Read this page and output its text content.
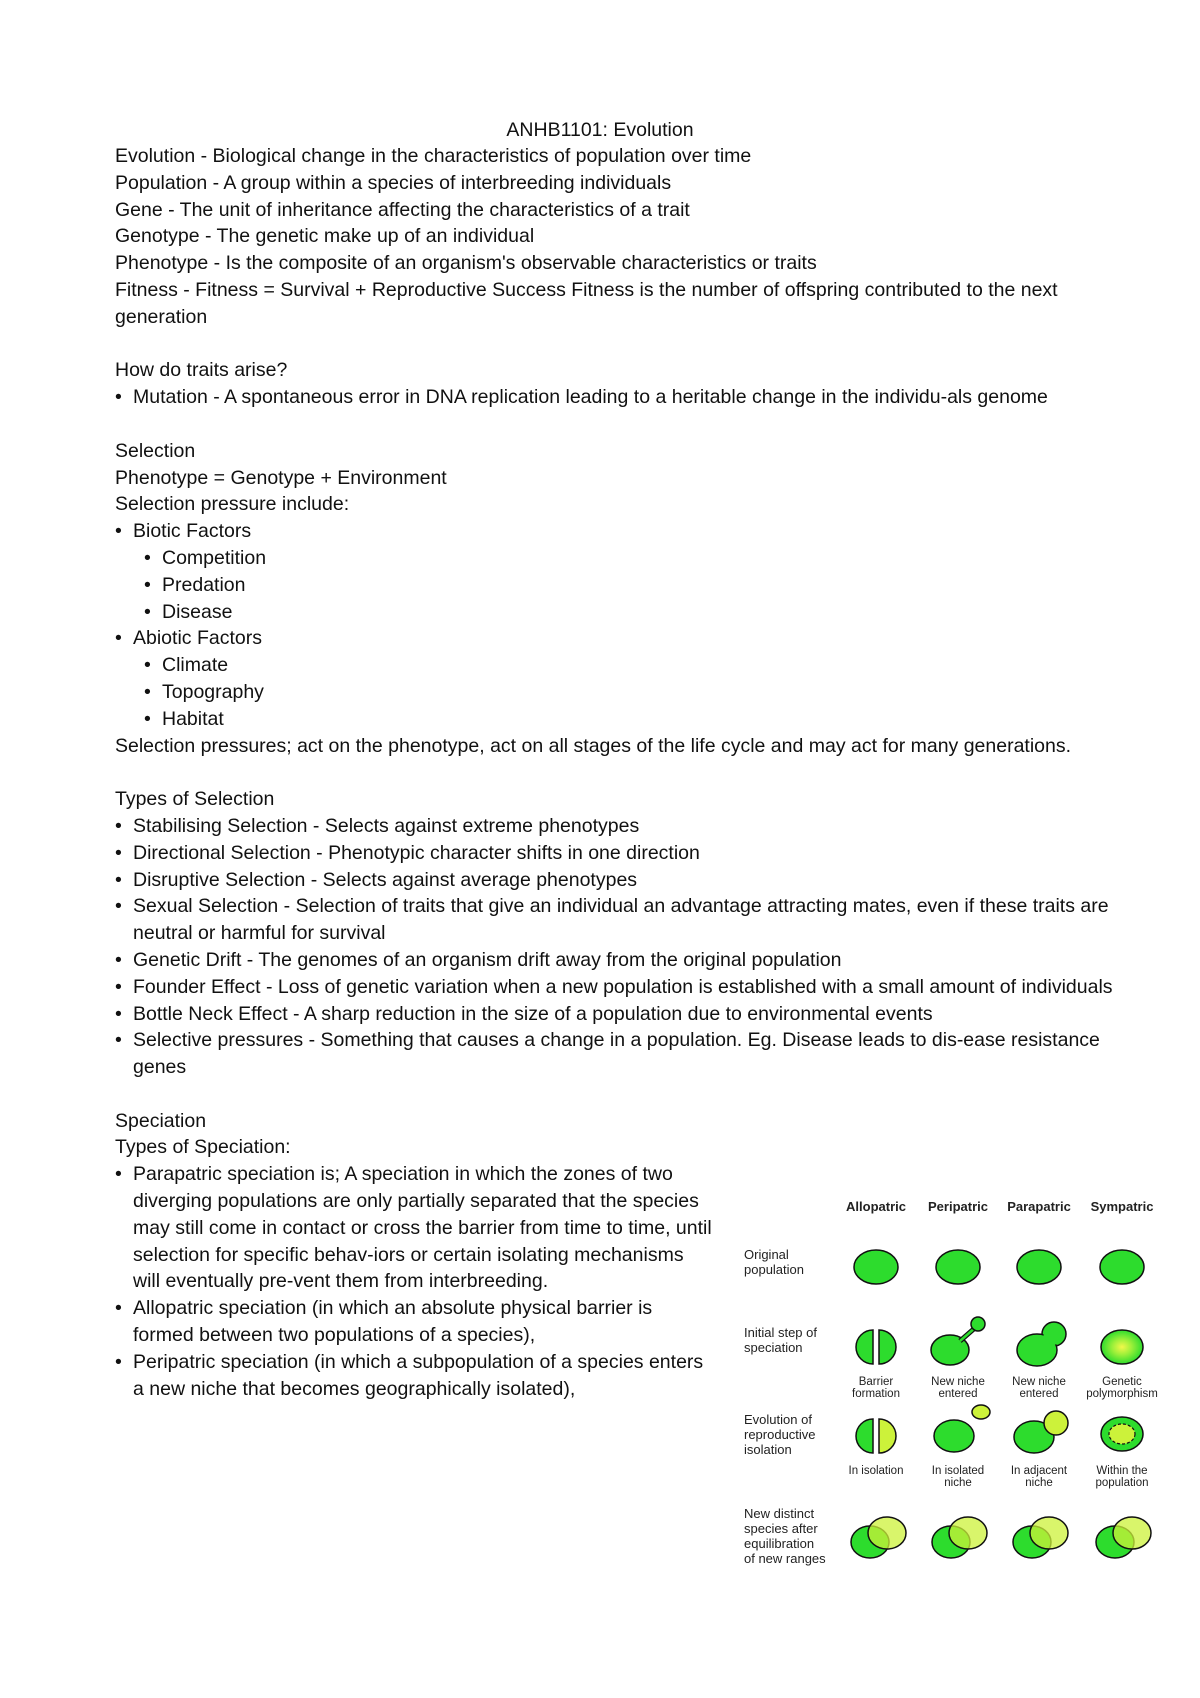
ANHB1101: Evolution

Evolution - Biological change in the characteristics of population over time

Population - A group within a species of interbreeding individuals

Gene - The unit of inheritance affecting the characteristics of a trait

Genotype - The genetic make up of an individual

Phenotype - Is the composite of an organism's observable characteristics or traits

Fitness - Fitness = Survival + Reproductive Success Fitness is the number of offspring contributed to the next generation

How do traits arise?

• Mutation - A spontaneous error in DNA replication leading to a heritable change in the individu-als genome

Selection

Phenotype = Genotype + Environment

Selection pressure include:

• Biotic Factors

• Competition

• Predation

• Disease

• Abiotic Factors

• Climate

• Topography

• Habitat

Selection pressures; act on the phenotype, act on all stages of the life cycle and may act for many generations.

Types of Selection

• Stabilising Selection - Selects against extreme phenotypes

• Directional Selection - Phenotypic character shifts in one direction

• Disruptive Selection - Selects against average phenotypes

• Sexual Selection - Selection of traits that give an individual an advantage attracting mates, even if these traits are neutral or harmful for survival

• Genetic Drift - The genomes of an organism drift away from the original population

• Founder Effect - Loss of genetic variation when a new population is established with a small amount of individuals

• Bottle Neck Effect - A sharp reduction in the size of a population due to environmental events

• Selective pressures - Something that causes a change in a population. Eg. Disease leads to dis-ease resistance genes

Speciation

Types of Speciation:

• Parapatric speciation is; A speciation in which the zones of two diverging populations are only partially separated that the species may still come in contact or cross the barrier from time to time, until selection for specific behav-iors or certain isolating mechanisms will eventually pre-vent them from interbreeding.

• Allopatric speciation (in which an absolute physical barrier is formed between two populations of a species),

• Peripatric speciation (in which a subpopulation of a species enters a new niche that becomes geographically isolated),

Allopatric Peripatric Parapatric Sympatric
Original
population
Initial step of
speciation
Evolution of
reproductive
isolation
New distinct
species after
equilibration
of new ranges
Barrier
formation
New niche
entered
New niche
entered
Genetic
polymorphism
In isolation In isolated
niche
In adjacent
niche
Within the
population
